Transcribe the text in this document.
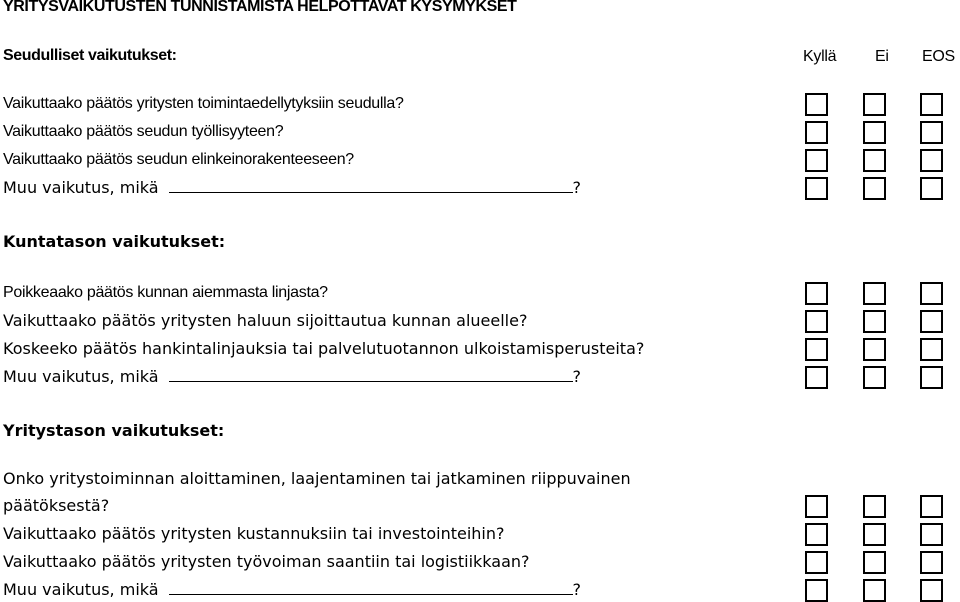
YRITYSVAIKUTUSTEN TUNNISTAMISTA HELPOTTAVAT KYSYMYKSET
Seudulliset vaikutukset:	Kyllä Ei EOS
Vaikuttaako päätös yritysten toimintaedellytyksiin seudulla?
Vaikuttaako päätös seudun työllisyyteen?
Vaikuttaako päätös seudun elinkeinorakenteeseen?
Muu vaikutus, mikä	?
Kuntatason vaikutukset:
Poikkeaako päätös kunnan aiemmasta linjasta?
Vaikuttaako päätös yritysten haluun sijoittautua kunnan alueelle?
Koskeeko päätös hankintalinjauksia tai palvelutuotannon ulkoistamisperusteita?
Muu vaikutus, mikä	?
Yritystason vaikutukset:
Onko yritystoiminnan aloittaminen, laajentaminen tai jatkaminen riippuvainen
päätöksestä?
Vaikuttaako päätös yritysten kustannuksiin tai investointeihin?
Vaikuttaako päätös yritysten työvoiman saantiin tai logistiikkaan?
Muu vaikutus, mikä	?
